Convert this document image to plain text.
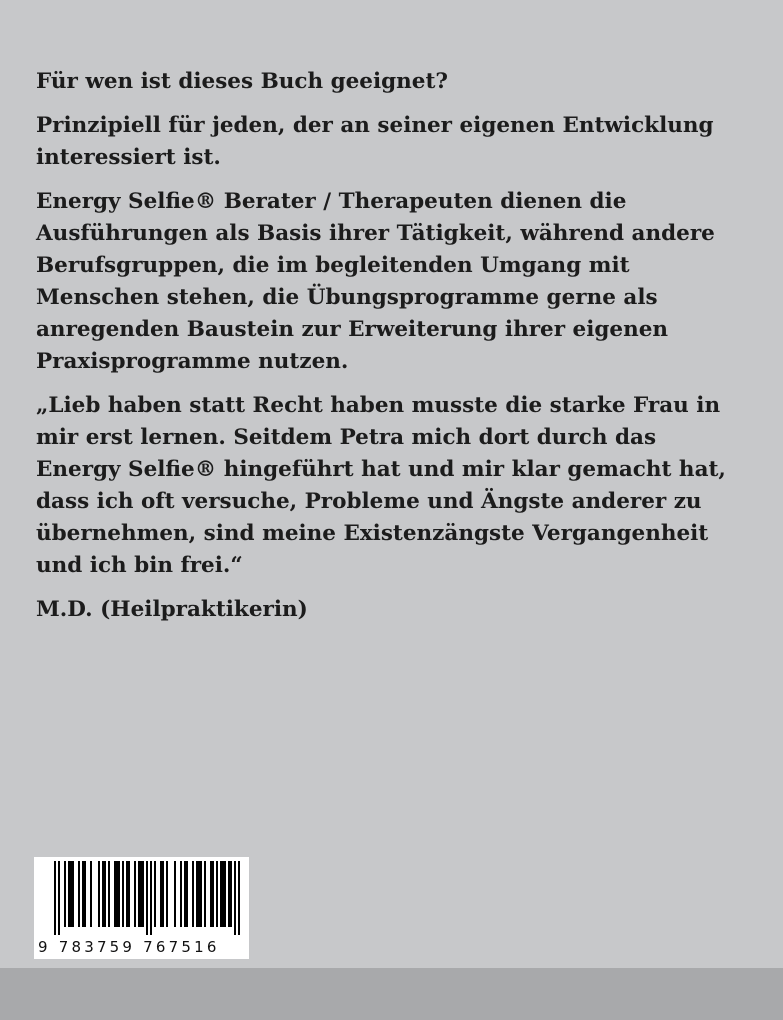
Für wen ist dieses Buch geeignet?

Prinzipiell für jeden, der an seiner eigenen Entwicklung
interessiert ist.

Energy Selfie® Berater / Therapeuten dienen die
Ausführungen als Basis ihrer Tätigkeit, während andere
Berufsgruppen, die im begleitenden Umgang mit
Menschen stehen, die Übungsprogramme gerne als
anregenden Baustein zur Erweiterung ihrer eigenen
Praxisprogramme nutzen.

„Lieb haben statt Recht haben musste die starke Frau in
mir erst lernen. Seitdem Petra mich dort durch das
Energy Selfie® hingeführt hat und mir klar gemacht hat,
dass ich oft versuche, Probleme und Ängste anderer zu
übernehmen, sind meine Existenzängste Vergangenheit
und ich bin frei.“

M.D. (Heilpraktikerin)

9 783759 767516
